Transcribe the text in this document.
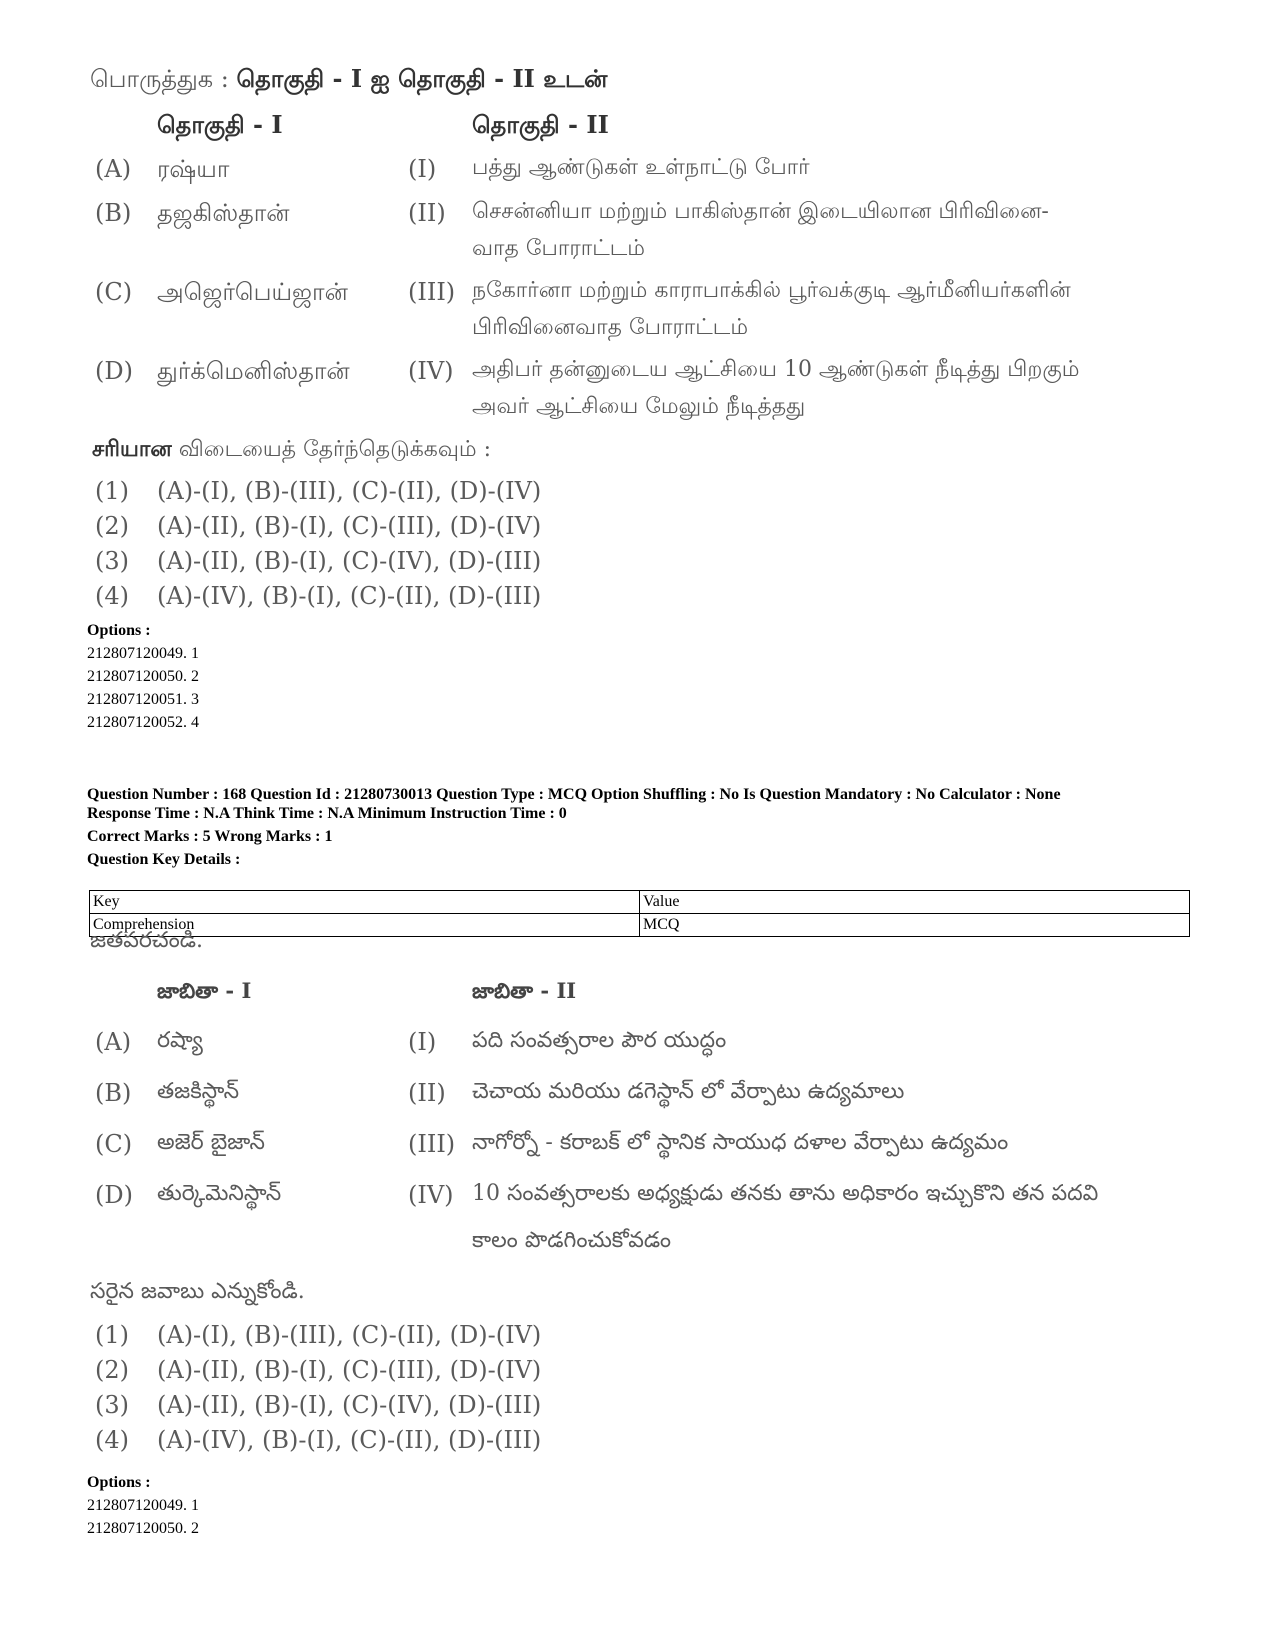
பொருத்துக : தொகுதி - I ஐ தொகுதி - II உடன்
தொகுதி - I	தொகுதி - II
(A) ரஷ்யா	(I) பத்து ஆண்டுகள் உள்நாட்டு போர்
(B) தஜகிஸ்தான்	(II) செசன்னியா மற்றும் பாகிஸ்தான் இடையிலான பிரிவினை-
வாத போராட்டம்
(C) அஜெர்பெய்ஜான்	(III) நகோர்னா மற்றும் காராபாக்கில் பூர்வக்குடி ஆர்மீனியர்களின்
பிரிவினைவாத போராட்டம்
(D) துர்க்மெனிஸ்தான் (IV) அதிபர் தன்னுடைய ஆட்சியை 10 ஆண்டுகள் நீடித்து பிறகும்
அவர் ஆட்சியை மேலும் நீடித்தது
சரியான விடையைத் தேர்ந்தெடுக்கவும் :
(1) (A)-(I), (B)-(III), (C)-(II), (D)-(IV)
(2) (A)-(II), (B)-(I), (C)-(III), (D)-(IV)
(3) (A)-(II), (B)-(I), (C)-(IV), (D)-(III)
(4) (A)-(IV), (B)-(I), (C)-(II), (D)-(III)
Options :
212807120049. 1
212807120050. 2
212807120051. 3
212807120052. 4
Question Number : 168 Question Id : 21280730013 Question Type : MCQ Option Shuffling : No Is Question Mandatory : No Calculator : None
Response Time : N.A Think Time : N.A Minimum Instruction Time : 0
Correct Marks : 5 Wrong Marks : 1
Question Key Details :
Key	Value
Comprehension	MCQ
జతపరచండి.
జాబితా - I	జాబితా - II
(A) రష్యా	(I) పది సంవత్సరాల పౌర యుద్ధం
(B) తజకిస్థాన్	(II) చెచాయ మరియు డగెస్థాన్ లో వేర్పాటు ఉద్యమాలు
(C) అజెర్ బైజాన్	(III) నాగోర్నో - కరాబక్ లో స్థానిక సాయుధ దళాల వేర్పాటు ఉద్యమం
(D) తుర్కెమెనిస్థాన్	(IV) 10 సంవత్సరాలకు అధ్యక్షుడు తనకు తాను అధికారం ఇచ్చుకొని తన పదవి
కాలం పొడగించుకోవడం
సరైన జవాబు ఎన్నుకోండి.
(1) (A)-(I), (B)-(III), (C)-(II), (D)-(IV)
(2) (A)-(II), (B)-(I), (C)-(III), (D)-(IV)
(3) (A)-(II), (B)-(I), (C)-(IV), (D)-(III)
(4) (A)-(IV), (B)-(I), (C)-(II), (D)-(III)
Options :
212807120049. 1
212807120050. 2
